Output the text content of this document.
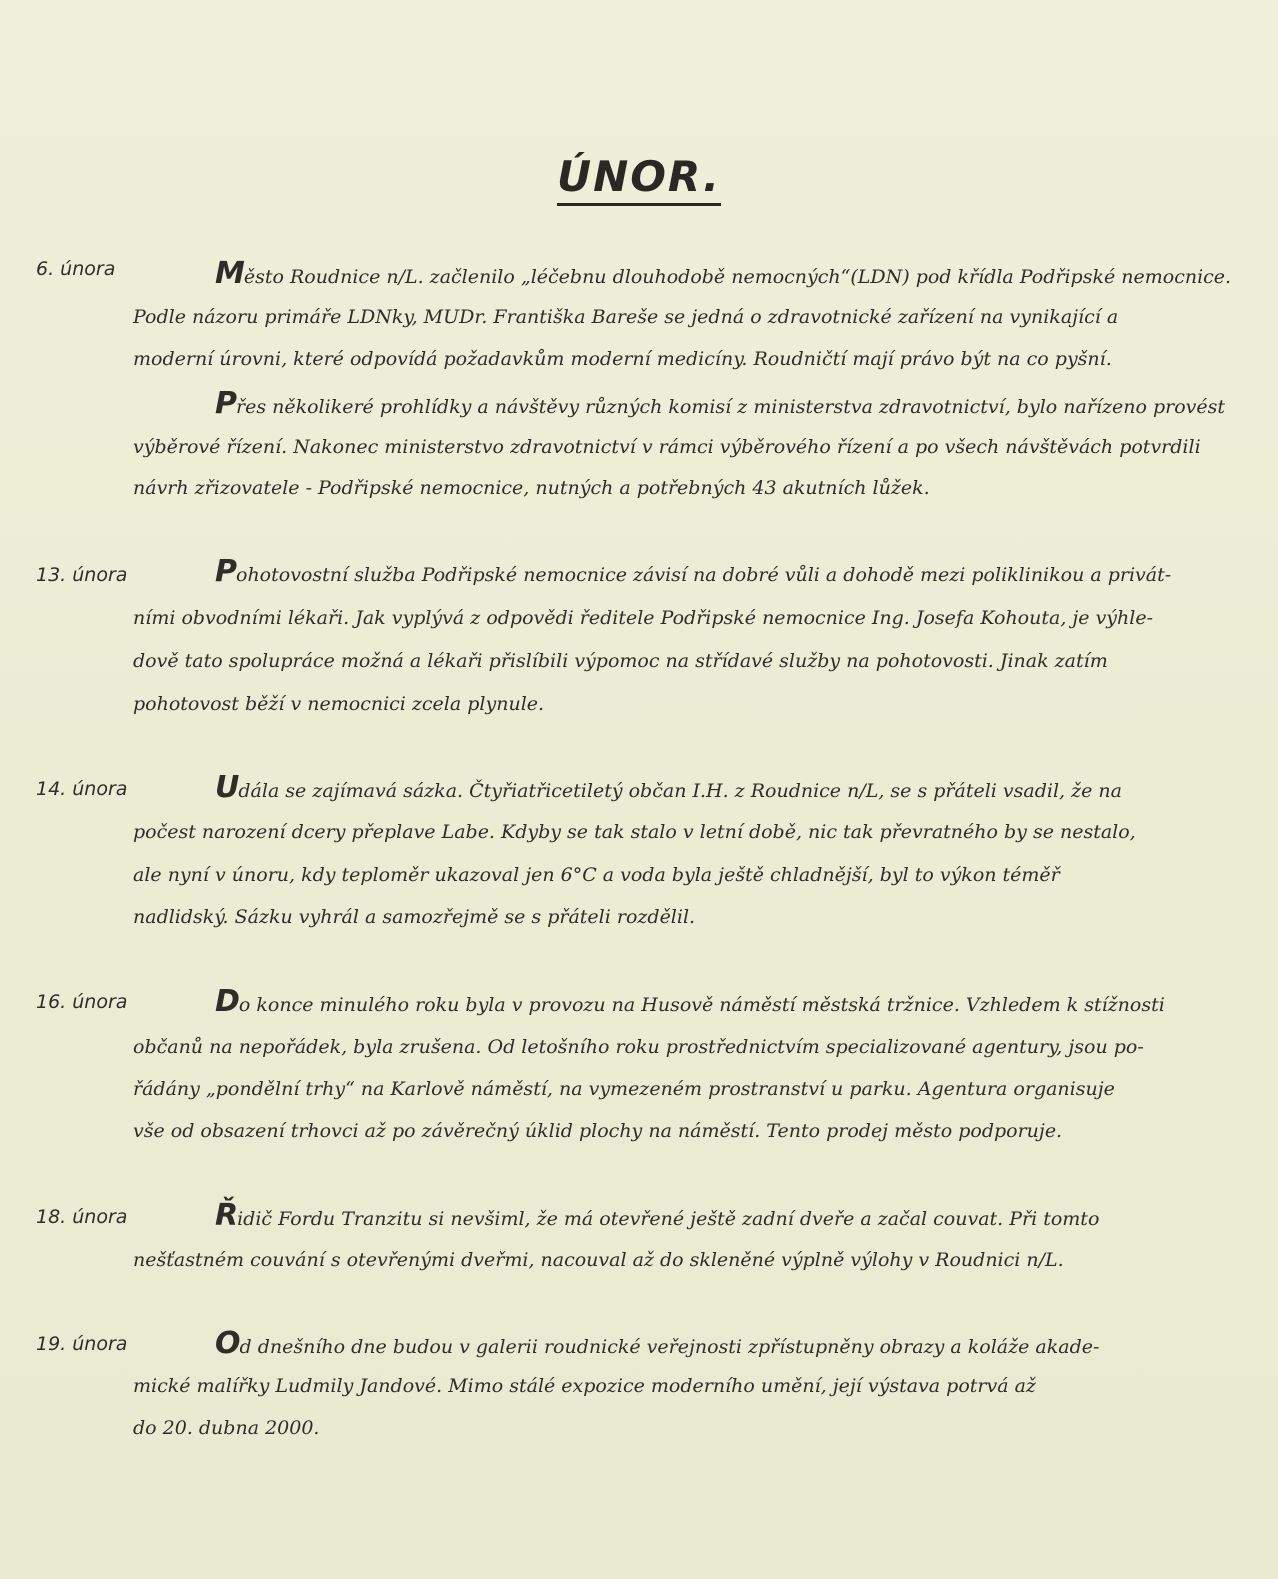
ÚNOR.
6. února	Město Roudnice n/L. začlenilo „léčebnu dlouhodobě nemocných“(LDN) pod křídla Podřipské nemocnice.
Podle názoru primáře LDNky, MUDr. Františka Bareše se jedná o zdravotnické zařízení na vynikající a
moderní úrovni, které odpovídá požadavkům moderní medicíny. Roudničtí mají právo být na co pyšní.
Přes několikeré prohlídky a návštěvy různých komisí z ministerstva zdravotnictví, bylo nařízeno provést
výběrové řízení. Nakonec ministerstvo zdravotnictví v rámci výběrového řízení a po všech návštěvách potvrdili
návrh zřizovatele - Podřipské nemocnice, nutných a potřebných 43 akutních lůžek.
13. února	Pohotovostní služba Podřipské nemocnice závisí na dobré vůli a dohodě mezi poliklinikou a privát-
ními obvodními lékaři. Jak vyplývá z odpovědi ředitele Podřipské nemocnice Ing. Josefa Kohouta, je výhle-
dově tato spolupráce možná a lékaři přislíbili výpomoc na střídavé služby na pohotovosti. Jinak zatím
pohotovost běží v nemocnici zcela plynule.
14. února	Udála se zajímavá sázka. Čtyřiatřicetiletý občan I.H. z Roudnice n/L, se s přáteli vsadil, že na
počest narození dcery přeplave Labe. Kdyby se tak stalo v letní době, nic tak převratného by se nestalo,
ale nyní v únoru, kdy teploměr ukazoval jen 6°C a voda byla ještě chladnější, byl to výkon téměř
nadlidský. Sázku vyhrál a samozřejmě se s přáteli rozdělil.
16. února	Do konce minulého roku byla v provozu na Husově náměstí městská tržnice. Vzhledem k stížnosti
občanů na nepořádek, byla zrušena. Od letošního roku prostřednictvím specializované agentury, jsou po-
řádány „pondělní trhy“ na Karlově náměstí, na vymezeném prostranství u parku. Agentura organisuje
vše od obsazení trhovci až po závěrečný úklid plochy na náměstí. Tento prodej město podporuje.
18. února	Řidič Fordu Tranzitu si nevšiml, že má otevřené ještě zadní dveře a začal couvat. Při tomto
nešťastném couvání s otevřenými dveřmi, nacouval až do skleněné výplně výlohy v Roudnici n/L.
19. února	Od dnešního dne budou v galerii roudnické veřejnosti zpřístupněny obrazy a koláže akade-
mické malířky Ludmily Jandové. Mimo stálé expozice moderního umění, její výstava potrvá až
do 20. dubna 2000.
